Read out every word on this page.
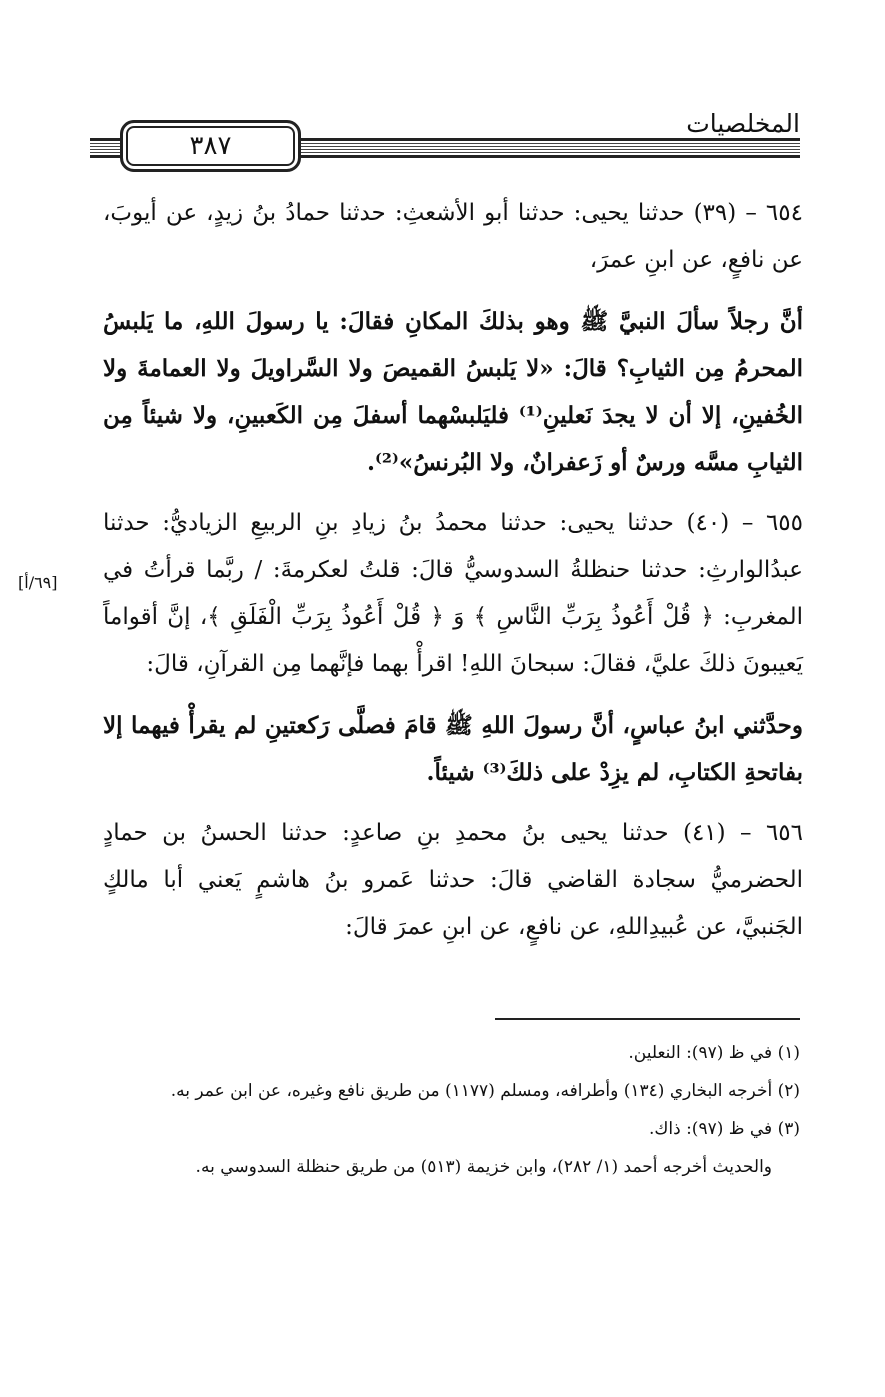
المخلصيات
٣٨٧
[٦٩/أ]

٦٥٤ – (٣٩) حدثنا يحيى: حدثنا أبو الأشعثِ: حدثنا حمادُ بنُ زيدٍ، عن أيوبَ، عن نافعٍ، عن ابنِ عمرَ،

أنَّ رجلاً سألَ النبيَّ ﷺ وهو بذلكَ المكانِ فقالَ: يا رسولَ اللهِ، ما يَلبسُ المحرمُ مِن الثيابِ؟ قالَ: «لا يَلبسُ القميصَ ولا السَّراويلَ ولا العمامةَ ولا الخُفينِ، إلا أن لا يجدَ نَعلينِ⁽¹⁾ فليَلبسْهما أسفلَ مِن الكَعبينِ، ولا شيئاً مِن الثيابِ مسَّه ورسٌ أو زَعفرانٌ، ولا البُرنسُ»⁽²⁾.

٦٥٥ – (٤٠) حدثنا يحيى: حدثنا محمدُ بنُ زيادِ بنِ الربيعِ الزياديُّ: حدثنا عبدُالوارثِ: حدثنا حنظلةُ السدوسيُّ قالَ: قلتُ لعكرمةَ: / ربَّما قرأتُ في المغربِ: ﴿ قُلْ أَعُوذُ بِرَبِّ النَّاسِ ﴾ وَ ﴿ قُلْ أَعُوذُ بِرَبِّ الْفَلَقِ ﴾، إنَّ أقواماً يَعيبونَ ذلكَ عليَّ، فقالَ: سبحانَ اللهِ! اقرأْ بهما فإنَّهما مِن القرآنِ، قالَ:

وحدَّثني ابنُ عباسٍ، أنَّ رسولَ اللهِ ﷺ قامَ فصلَّى رَكعتينِ لم يقرأْ فيهما إلا بفاتحةِ الكتابِ، لم يزِدْ على ذلكَ⁽³⁾ شيئاً.

٦٥٦ – (٤١) حدثنا يحيى بنُ محمدِ بنِ صاعدٍ: حدثنا الحسنُ بن حمادٍ الحضرميُّ سجادة القاضي قالَ: حدثنا عَمرو بنُ هاشمٍ يَعني أبا مالكٍ الجَنبيَّ، عن عُبيدِاللهِ، عن نافعٍ، عن ابنِ عمرَ قالَ:

(١) في ظ (٩٧): النعلين.

(٢) أخرجه البخاري (١٣٤) وأطرافه، ومسلم (١١٧٧) من طريق نافع وغيره، عن ابن عمر به.

(٣) في ظ (٩٧): ذاك.

والحديث أخرجه أحمد (١/ ٢٨٢)، وابن خزيمة (٥١٣) من طريق حنظلة السدوسي به.
